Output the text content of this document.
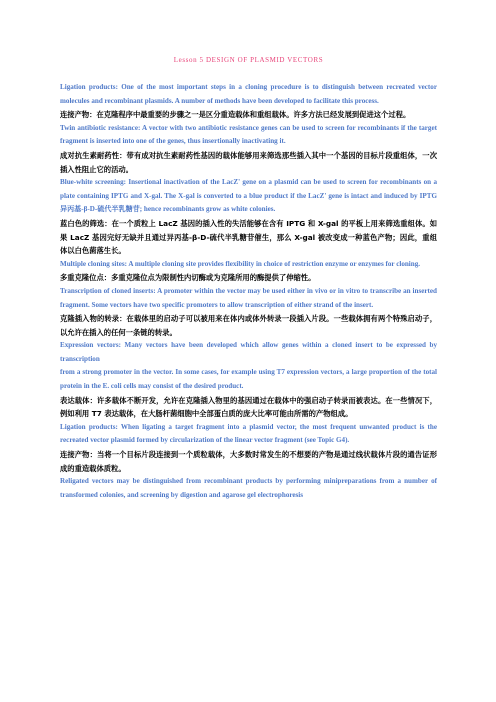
Lesson 5 DESIGN OF PLASMID VECTORS

Ligation products: One of the most important steps in a cloning procedure is to distinguish between recreated vector molecules and recombinant plasmids. A number of methods have been developed to facilitate this process.

连接产物：在克隆程序中最重要的步骤之一是区分重造载体和重组载体。许多方法已经发展到促进这个过程。

Twin antibiotic resistance: A vector with two antibiotic resistance genes can be used to screen for recombinants if the target fragment is inserted into one of the genes, thus insertionally inactivating it.

成对抗生素耐药性：带有成对抗生素耐药性基因的载体能够用来筛选那些插入其中一个基因的目标片段重组体，一次插入性阻止它的活动。

Blue-white screening: Insertional inactivation of the LacZ' gene on a plasmid can be used to screen for recombinants on a plate containing IPTG and X-gal. The X-gal is converted to a blue product if the LacZ' gene is intact and induced by IPTG 异丙基-β-D-硫代半乳糖苷; hence recombinants grow as white colonies.

蓝白色的筛选：在一个质粒上 LacZ 基因的插入性的失活能够在含有 IPTG 和 X-gal 的平板上用来筛选重组体。如果 LacZ 基因完好无缺并且通过异丙基-β-D-硫代半乳糖苷催生，那么 X-gal 被改变成一种蓝色产物；因此，重组体以白色菌落生长。

Multiple cloning sites: A multiple cloning site provides flexibility in choice of restriction enzyme or enzymes for cloning.

多重克隆位点：多重克隆位点为限制性内切酶或为克隆所用的酶提供了伸缩性。

Transcription of cloned inserts: A promoter within the vector may be used either in vivo or in vitro to transcribe an inserted fragment. Some vectors have two specific promoters to allow transcription of either strand of the insert.

克隆插入物的转录：在载体里的启动子可以被用来在体内或体外转录一段插入片段。一些载体拥有两个特殊启动子，以允许在插入的任何一条链的转录。

Expression vectors: Many vectors have been developed which allow genes within a cloned insert to be expressed by transcription

from a strong promoter in the vector. In some cases, for example using T7 expression vectors, a large proportion of the total protein in the E. coli cells may consist of the desired product.

表达载体：许多载体不断开发，允许在克隆插入物里的基因通过在载体中的强启动子转录而被表达。在一些情况下，例如利用 T7 表达载体，在大肠杆菌细胞中全部蛋白质的庞大比率可能由所需的产物组成。

Ligation products: When ligating a target fragment into a plasmid vector, the most frequent unwanted product is the recreated vector plasmid formed by circularization of the linear vector fragment (see Topic G4).

连接产物：当将一个目标片段连接到一个质粒载体，大多数时常发生的不想要的产物是通过线状载体片段的通告证形成的重造载体质粒。

Religated vectors may be distinguished from recombinant products by performing minipreparations from a number of transformed colonies, and screening by digestion and agarose gel electrophoresis
